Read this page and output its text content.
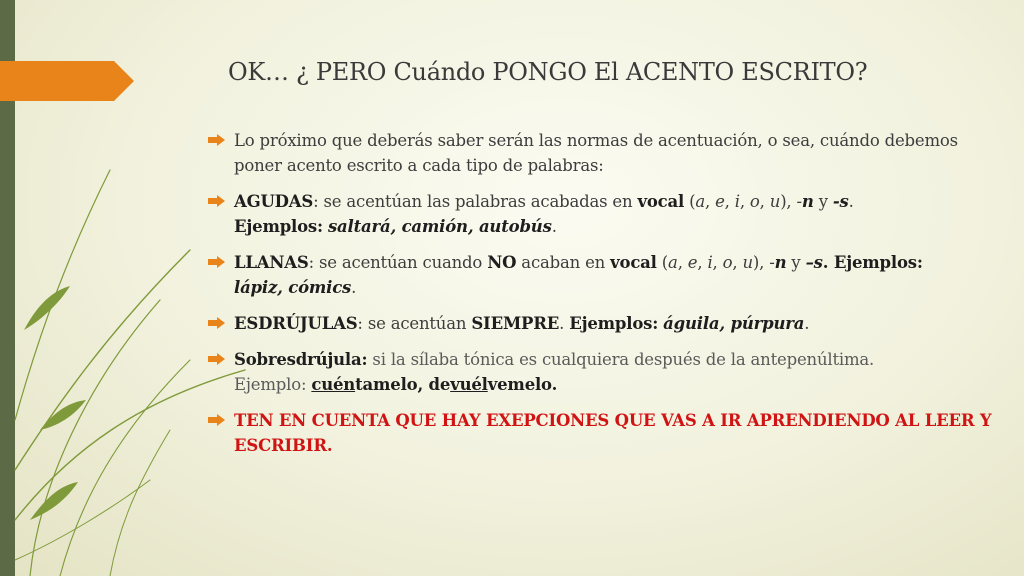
OK… ¿ PERO Cuándo PONGO El ACENTO ESCRITO?
Lo próximo que deberás saber serán las normas de acentuación, o sea, cuándo debemos poner acento escrito a cada tipo de palabras:
AGUDAS: se acentúan las palabras acabadas en vocal (a, e, i, o, u), -n y -s.
Ejemplos: saltará, camión, autobús.
LLANAS: se acentúan cuando NO acaban en vocal (a, e, i, o, u), -n y –s. Ejemplos:
lápiz, cómics.
ESDRÚJULAS: se acentúan SIEMPRE. Ejemplos: águila, púrpura.
Sobresdrújula: si la sílaba tónica es cualquiera después de la antepenúltima.
Ejemplo: cuéntamelo, devuélvemelo.
TEN EN CUENTA QUE HAY EXEPCIONES QUE VAS A IR APRENDIENDO AL LEER Y ESCRIBIR.
